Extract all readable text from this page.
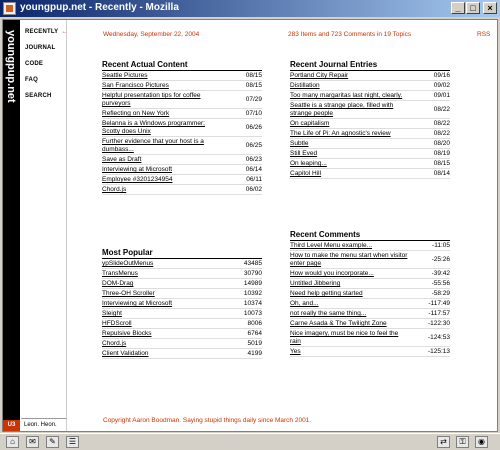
youngpup.net - Recently - Mozilla	_	□	×
youngpup.net
U3
RECENTLY ←
JOURNAL
CODE
FAQ
SEARCH
Leon. Heon.
Wednesday, September 22, 2004	283 Items and 723 Comments in 19 Topics	RSS
Recent Actual Content
Seattle Pictures	08/15
San Francisco Pictures	08/15
Helpful presentation tips for coffee purveyors
07/29
Reflecting on New York	07/10
Belanna is a Windows programmer; Scotty does Unix
06/26
Further evidence that your host is a dumbass...
06/25
Save as Draft	06/23
Interviewing at Microsoft	06/14
Employee #3201234954	06/11
Chord.js	06/02
Most Popular
ypSlideOutMenus	43485
TransMenus	30790
DOM-Drag	14989
Three-OH Scroller	10392
Interviewing at Microsoft	10374
Sleight	10073
HFDScroll	8006
Repulsive Blocks	6764
Chord.js	5019
Client Validation	4199
Recent Journal Entries
Portland City Repair	09/16
Distillation	09/02
Too many margaritas last night, clearly.	09/01
Seattle is a strange place, filled with strange people
08/22
On capitalism	08/22
The Life of Pi: An agnostic's review	08/22
Subtle	08/20
Still Eved	08/19
On leaping...	08/15
Capitol Hill	08/14
Recent Comments
Third Level Menu example...	-11:05
How to make the menu start when visitor enter page
-25:26
How would you incorporate...	-39:42
Untitled Jibbering	-55:56
Need help getting started	-58:29
Oh, and...	-117:49
not really the same thing...	-117:57
Carne Asada & The Twilight Zone	-122:30
Nice imagery, must be nice to feel the rain
-124:53
Yes	-125:13
Copyright Aaron Boodman. Saying stupid things daily since March 2001.
⌂	✉	✎	☰	⇄	⚿	◉
